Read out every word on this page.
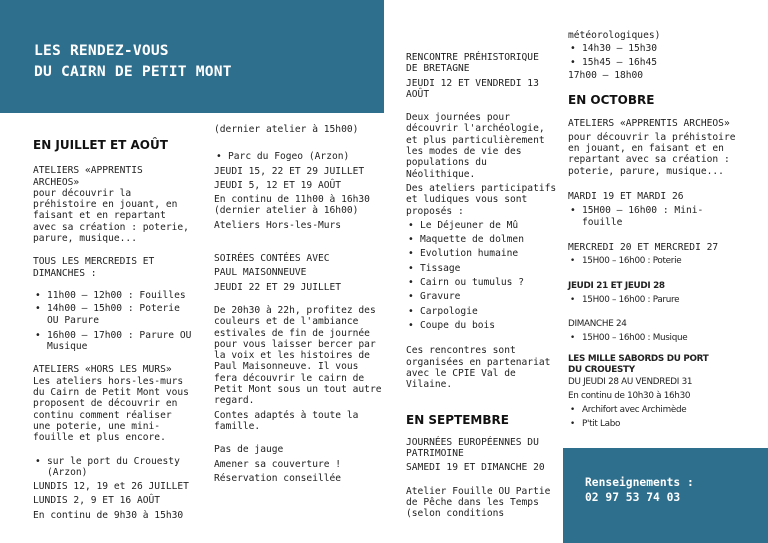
LES RENDEZ-VOUS
DU CAIRN DE PETIT MONT
EN JUILLET ET AOÛT

ATELIERS «APPRENTIS ARCHEOS»

pour découvrir la préhistoire en jouant, en faisant et en repartant avec sa création : poterie, parure, musique...

TOUS LES MERCREDIS ET DIMANCHES :

• 11h00 – 12h00 : Fouilles
• 14h00 – 15h00 : Poterie OU Parure
• 16h00 – 17h00 : Parure OU Musique

ATELIERS «HORS LES MURS»

Les ateliers hors-les-murs du Cairn de Petit Mont vous proposent de découvrir en continu comment réaliser une poterie, une mini-fouille et plus encore.

• sur le port du Crouesty (Arzon)

LUNDIS 12, 19 et 26 JUILLET

LUNDIS 2, 9 ET 16 AOÛT

En continu de 9h30 à 15h30

(dernier atelier à 15h00)

• Parc du Fogeo (Arzon)

JEUDI 15, 22 ET 29 JUILLET

JEUDI 5, 12 ET 19 AOÛT

En continu de 11h00 à 16h30 (dernier atelier à 16h00)

Ateliers Hors-les-Murs

SOIRÉES CONTÉES AVEC

PAUL MAISONNEUVE

JEUDI 22 ET 29 JUILLET

De 20h30 à 22h, profitez des couleurs et de l'ambiance estivales de fin de journée pour vous laisser bercer par la voix et les histoires de Paul Maisonneuve. Il vous fera découvrir le cairn de Petit Mont sous un tout autre regard.

Contes adaptés à toute la famille.

Pas de jauge

Amener sa couverture !

Réservation conseillée

RENCONTRE PRÉHISTORIQUE DE BRETAGNE

JEUDI 12 ET VENDREDI 13 AOÛT

Deux journées pour découvrir l'archéologie, et plus particulièrement les modes de vie des populations du Néolithique.

Des ateliers participatifs et ludiques vous sont proposés :

• Le Déjeuner de Mû
• Maquette de dolmen
• Evolution humaine
• Tissage
• Cairn ou tumulus ?
• Gravure
• Carpologie
• Coupe du bois

Ces rencontres sont organisées en partenariat avec le CPIE Val de Vilaine.

EN SEPTEMBRE

JOURNÉES EUROPÉENNES DU PATRIMOINE

SAMEDI 19 ET DIMANCHE 20

Atelier Fouille OU Partie de Pêche dans les Temps (selon conditions

météorologiques)

• 14h30 – 15h30
• 15h45 – 16h45

17h00 – 18h00

EN OCTOBRE

ATELIERS «APPRENTIS ARCHEOS»

pour découvrir la préhistoire en jouant, en faisant et en repartant avec sa création : poterie, parure, musique...

MARDI 19 ET MARDI 26

• 15H00 – 16h00 : Mini-fouille

MERCREDI 20 ET MERCREDI 27

• 15H00 – 16h00 : Poterie

JEUDI 21 ET JEUDI 28

• 15H00 – 16h00 : Parure

DIMANCHE 24

• 15H00 – 16h00 : Musique

LES MILLE SABORDS DU PORT DU CROUESTY

DU JEUDI 28 AU VENDREDI 31

En continu de 10h30 à 16h30

• Archifort avec Archimède
• P'tit Labo
Renseignements :
02 97 53 74 03
